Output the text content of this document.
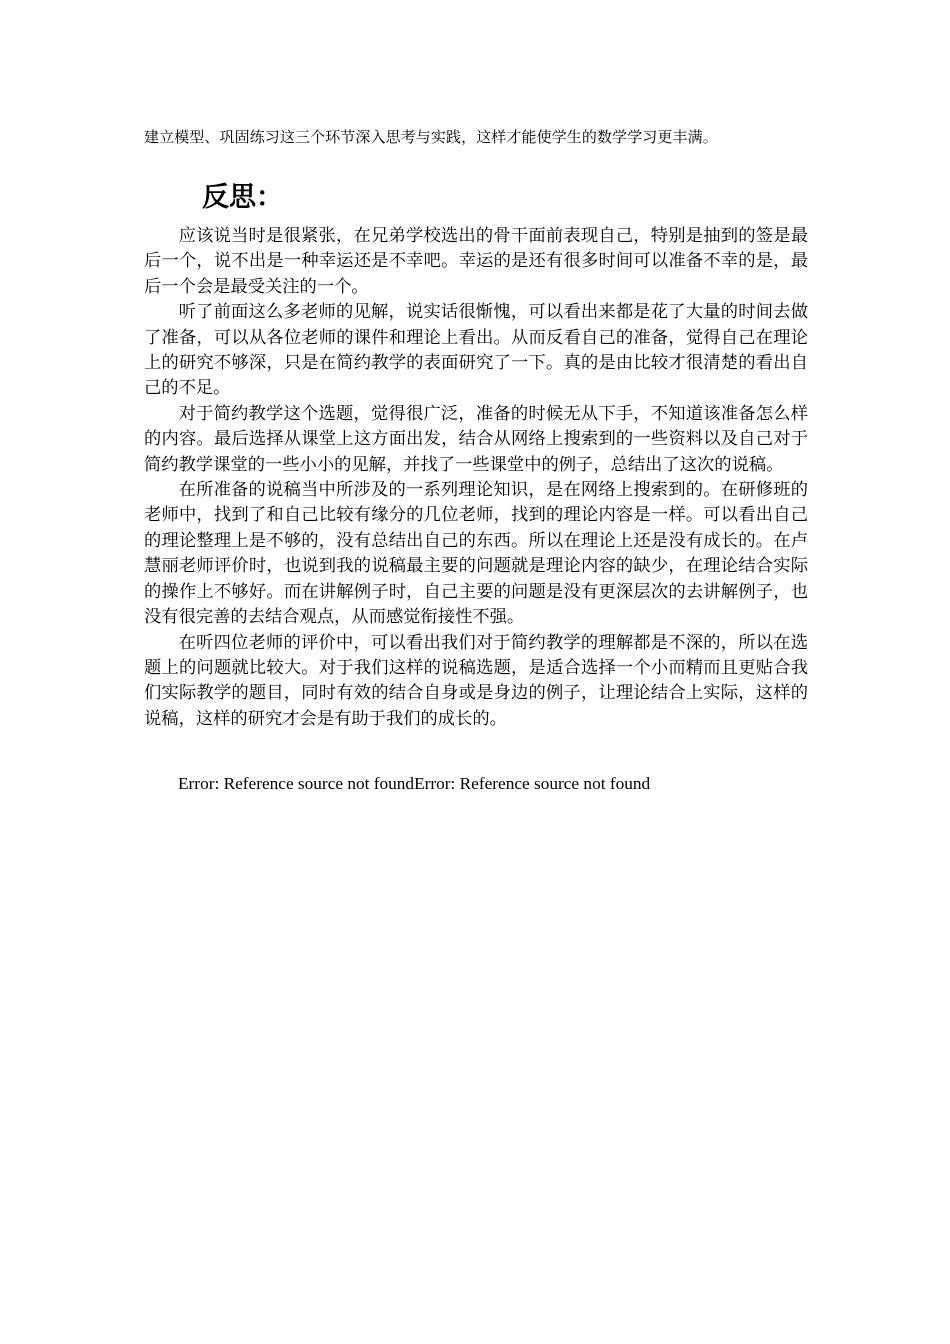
建立模型、巩固练习这三个环节深入思考与实践，这样才能使学生的数学学习更丰满。
反思：

应该说当时是很紧张，在兄弟学校选出的骨干面前表现自己，特别是抽到的签是最后一个，说不出是一种幸运还是不幸吧。幸运的是还有很多时间可以准备不幸的是，最后一个会是最受关注的一个。

听了前面这么多老师的见解，说实话很惭愧，可以看出来都是花了大量的时间去做了准备，可以从各位老师的课件和理论上看出。从而反看自己的准备，觉得自己在理论上的研究不够深，只是在简约教学的表面研究了一下。真的是由比较才很清楚的看出自己的不足。

对于简约教学这个选题，觉得很广泛，准备的时候无从下手，不知道该准备怎么样的内容。最后选择从课堂上这方面出发，结合从网络上搜索到的一些资料以及自己对于简约教学课堂的一些小小的见解，并找了一些课堂中的例子，总结出了这次的说稿。

在所准备的说稿当中所涉及的一系列理论知识，是在网络上搜索到的。在研修班的老师中，找到了和自己比较有缘分的几位老师，找到的理论内容是一样。可以看出自己的理论整理上是不够的，没有总结出自己的东西。所以在理论上还是没有成长的。在卢慧丽老师评价时，也说到我的说稿最主要的问题就是理论内容的缺少，在理论结合实际的操作上不够好。而在讲解例子时，自己主要的问题是没有更深层次的去讲解例子，也没有很完善的去结合观点，从而感觉衔接性不强。

在听四位老师的评价中，可以看出我们对于简约教学的理解都是不深的，所以在选题上的问题就比较大。对于我们这样的说稿选题，是适合选择一个小而精而且更贴合我们实际教学的题目，同时有效的结合自身或是身边的例子，让理论结合上实际，这样的说稿，这样的研究才会是有助于我们的成长的。

Error: Reference source not foundError: Reference source not found
